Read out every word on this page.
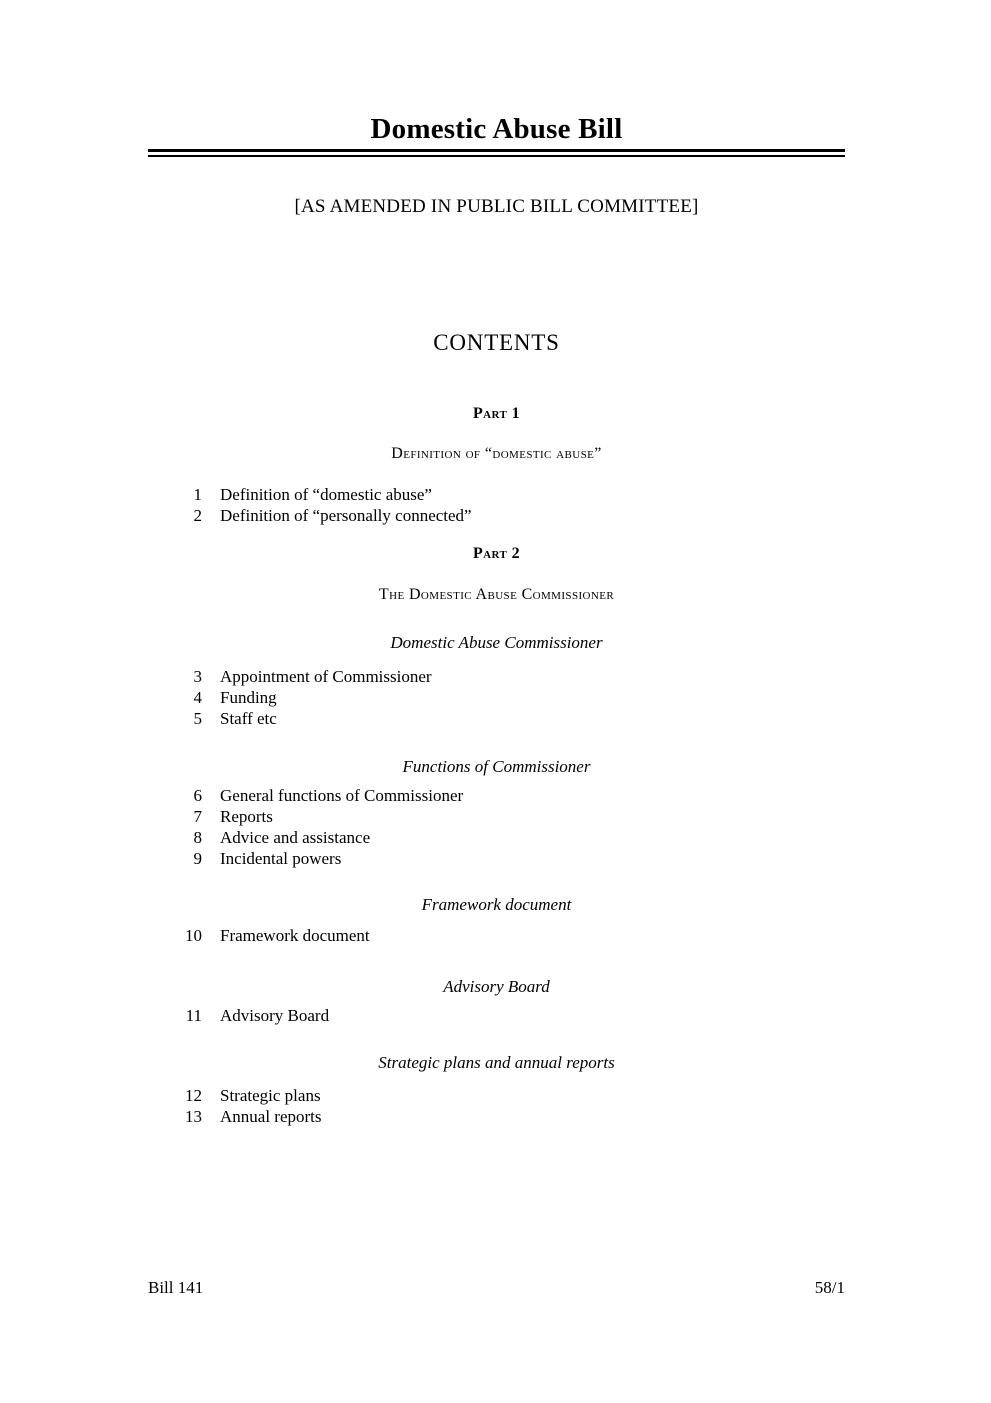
Domestic Abuse Bill
[AS AMENDED IN PUBLIC BILL COMMITTEE]
CONTENTS
Part 1
Definition of “domestic abuse”
1 Definition of “domestic abuse”
2 Definition of “personally connected”
Part 2
The Domestic Abuse Commissioner
Domestic Abuse Commissioner
3 Appointment of Commissioner
4 Funding
5 Staff etc
Functions of Commissioner
6 General functions of Commissioner
7 Reports
8 Advice and assistance
9 Incidental powers
Framework document
10 Framework document
Advisory Board
11 Advisory Board
Strategic plans and annual reports
12 Strategic plans
13 Annual reports
Bill 141	58/1
